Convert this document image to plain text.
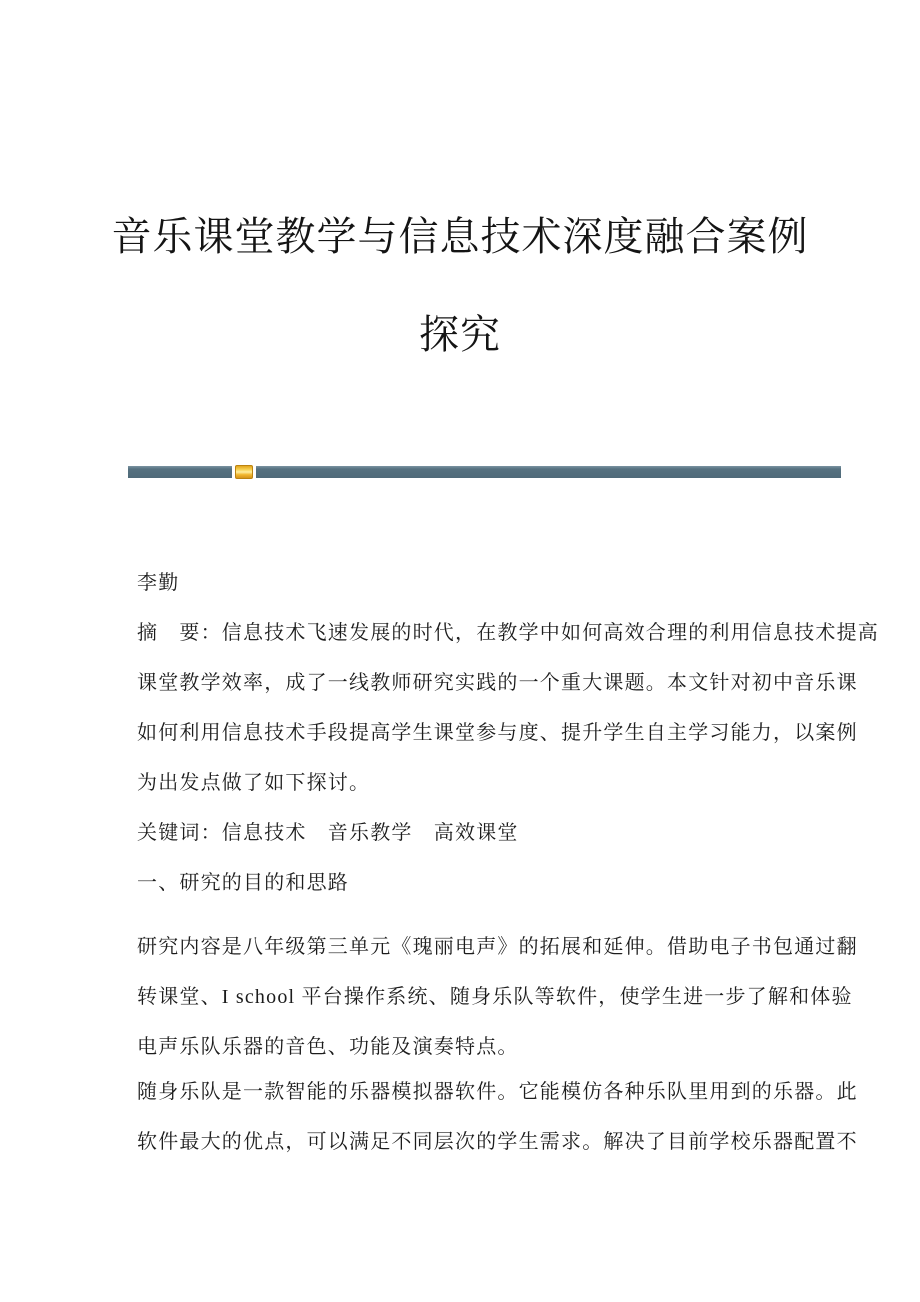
音乐课堂教学与信息技术深度融合案例
探究

李勤

摘　要：信息技术飞速发展的时代，在教学中如何高效合理的利用信息技术提高
课堂教学效率，成了一线教师研究实践的一个重大课题。本文针对初中音乐课
如何利用信息技术手段提高学生课堂参与度、提升学生自主学习能力，以案例
为出发点做了如下探讨。

关键词：信息技术　音乐教学　高效课堂

一、研究的目的和思路

研究内容是八年级第三单元《瑰丽电声》的拓展和延伸。借助电子书包通过翻
转课堂、I school 平台操作系统、随身乐队等软件，使学生进一步了解和体验
电声乐队乐器的音色、功能及演奏特点。

随身乐队是一款智能的乐器模拟器软件。它能模仿各种乐队里用到的乐器。此
软件最大的优点，可以满足不同层次的学生需求。解决了目前学校乐器配置不
